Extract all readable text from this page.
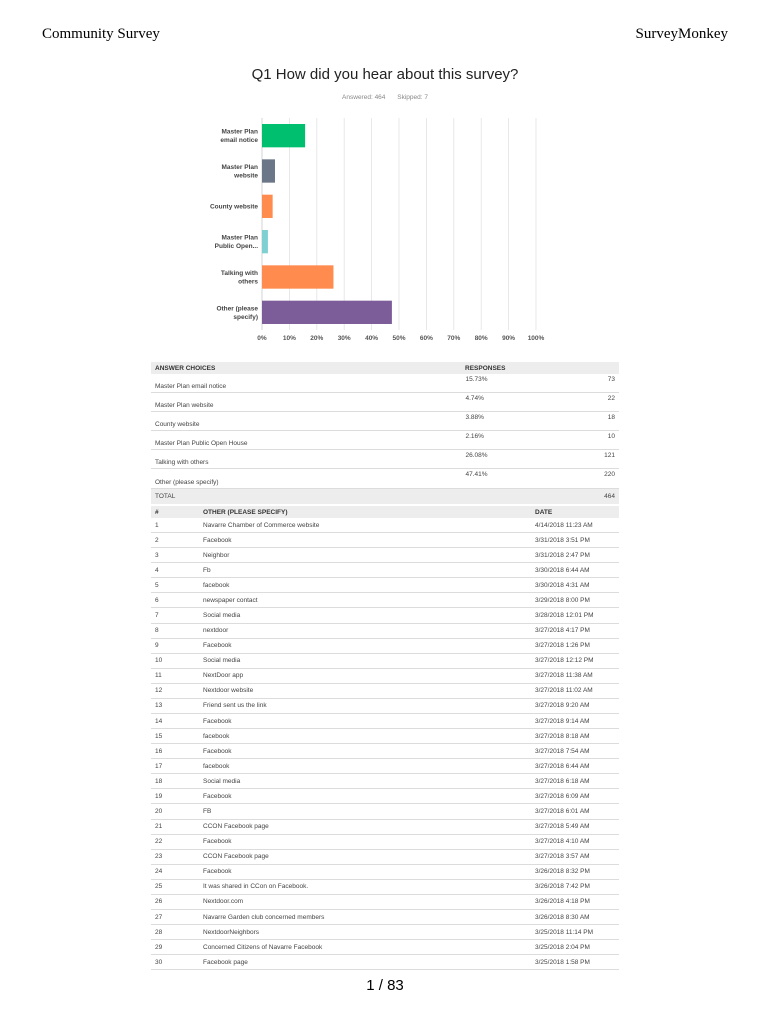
Community Survey	SurveyMonkey
Q1 How did you hear about this survey?
Answered: 464 Skipped: 7
0% 10% 20% 30% 40% 50% 60% 70% 80% 90% 100%
Master Plan
email notice
Master Plan
website
County website
Master Plan
Public Open...
Talking with
others
Other (please
specify)
ANSWER CHOICES	RESPONSES	
Master Plan email notice	15.73%	73
Master Plan website	4.74%	22
County website	3.88%	18
Master Plan Public Open House	2.16%	10
Talking with others	26.08%	121
Other (please specify)	47.41%	220
TOTAL	464	
#	OTHER (PLEASE SPECIFY)	DATE
1	Navarre Chamber of Commerce website	4/14/2018 11:23 AM
2	Facebook	3/31/2018 3:51 PM
3	Neighbor	3/31/2018 2:47 PM
4	Fb	3/30/2018 6:44 AM
5	facebook	3/30/2018 4:31 AM
6	newspaper contact	3/29/2018 8:00 PM
7	Social media	3/28/2018 12:01 PM
8	nextdoor	3/27/2018 4:17 PM
9	Facebook	3/27/2018 1:26 PM
10	Social media	3/27/2018 12:12 PM
11	NextDoor app	3/27/2018 11:38 AM
12	Nextdoor website	3/27/2018 11:02 AM
13	Friend sent us the link	3/27/2018 9:20 AM
14	Facebook	3/27/2018 9:14 AM
15	facebook	3/27/2018 8:18 AM
16	Facebook	3/27/2018 7:54 AM
17	facebook	3/27/2018 6:44 AM
18	Social media	3/27/2018 6:18 AM
19	Facebook	3/27/2018 6:09 AM
20	FB	3/27/2018 6:01 AM
21	CCON Facebook page	3/27/2018 5:49 AM
22	Facebook	3/27/2018 4:10 AM
23	CCON Facebook page	3/27/2018 3:57 AM
24	Facebook	3/26/2018 8:32 PM
25	It was shared in CCon on Facebook.	3/26/2018 7:42 PM
26	Nextdoor.com	3/26/2018 4:18 PM
27	Navarre Garden club concerned members	3/26/2018 8:30 AM
28	NextdoorNeighbors	3/25/2018 11:14 PM
29	Concerned Citizens of Navarre Facebook	3/25/2018 2:04 PM
30	Facebook page	3/25/2018 1:58 PM
1 / 83
